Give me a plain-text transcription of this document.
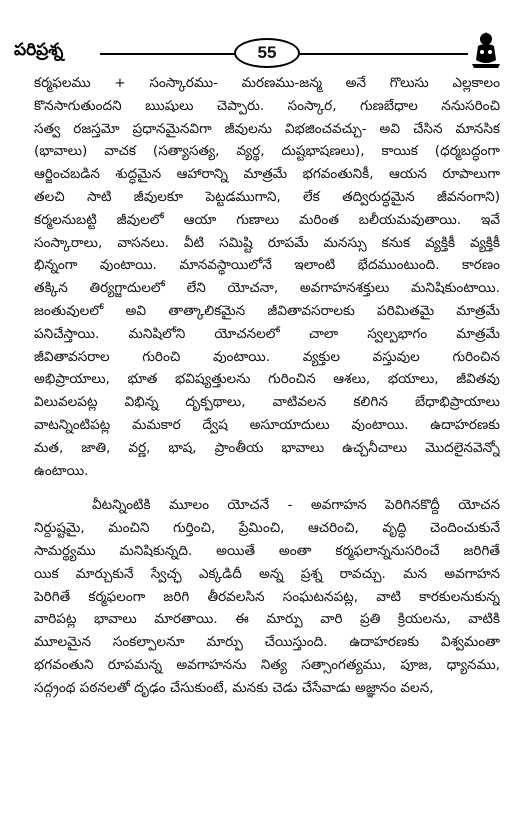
పరిప్రశ్న	55
కర్మఫలము + సంస్కారము- మరణము-జన్మ అనే గొలుసు ఎల్లకాలం
కొనసాగుతుందని ఋషులు చెప్పారు. సంస్కార, గుణబేధాల ననుసరించి
సత్వ రజస్తమో ప్రధానమైనవిగా జీవులను విభజించవచ్చు- అవి చేసిన మానసిక
(భావాలు) వాచక (సత్యాసత్య, వ్యర్థ, దుష్టభాషణలు), కాయిక (ధర్మబద్ధంగా
ఆర్జించబడిన శుద్ధమైన ఆహారాన్ని మాత్రమే భగవంతునికీ, ఆయన రూపాలుగా
తలచి సాటి జీవులకూ పెట్టడముగాని, లేక తద్విరుద్ధమైన జీవనంగాని)
కర్మలనుబట్టి జీవులలో ఆయా గుణాలు మరింత బలీయమవుతాయి. ఇవే
సంస్కారాలు, వాసనలు. వీటి సమిష్టి రూపమే మనస్సు కనుక వ్యక్తికీ వ్యక్తికీ
భిన్నంగా వుంటాయి. మానవస్థాయిలోనే ఇలాంటి భేదముంటుంది. కారణం
తక్కిన తిర్యగ్జాదులలో లేని యోచనా, అవగాహనశక్తులు మనిషికుంటాయి.
జంతువులలో అవి తాత్కాలికమైన జీవితావసరాలకు పరిమితమై మాత్రమే
పనిచేస్తాయి. మనిషిలోని యోచనలలో చాలా స్వల్పభాగం మాత్రమే
జీవితావసరాల గురించి వుంటాయి. వ్యక్తుల వస్తువుల గురించిన
అభిప్రాయాలు, భూత భవిష్యత్తులను గురించిన ఆశలు, భయాలు, జీవితవు
విలువలపట్ల విభిన్న దృక్పథాలు, వాటివలన కలిగిన బేధాభిప్రాయాలు
వాటన్నింటిపట్ల మమకార ద్వేష అసూయాదులు వుంటాయి. ఉదాహరణకు
మత, జాతి, వర్ణ, భాష, ప్రాంతీయ భావాలు ఉచ్చనీచాలు మొదలైనవెన్నో
ఉంటాయి.
వీటన్నింటికి మూలం యోచనే - అవగాహన పెరిగినకొద్దీ యోచన
నిర్దుష్టమై, మంచిని గుర్తించి, ప్రేమించి, ఆచరించి, వృద్ధి చెందించుకునే
సామర్థ్యము మనిషికున్నది. అయితే అంతా కర్మఫలాన్ననుసరించే జరిగితే
యిక మార్చుకునే స్వేచ్ఛ ఎక్కడిదీ అన్న ప్రశ్న రావచ్చు. మన అవగాహన
పెరిగితే కర్మఫలంగా జరిగి తీరవలసిన సంఘటనపట్ల, వాటి కారకులనుకున్న
వారిపట్ల భావాలు మారతాయి. ఈ మార్పు వారి ప్రతి క్రియలను, వాటికి
మూలమైన సంకల్పాలనూ మార్పు చేయిస్తుంది. ఉదాహరణకు విశ్వమంతా
భగవంతుని రూపమన్న అవగాహనను నిత్య సత్సాంగత్యము, పూజ, ధ్యానము,
సద్గ్రంథ పఠనలతో దృఢం చేసుకుంటే, మనకు చెడు చేసేవాడు అజ్ఞానం వలన,
